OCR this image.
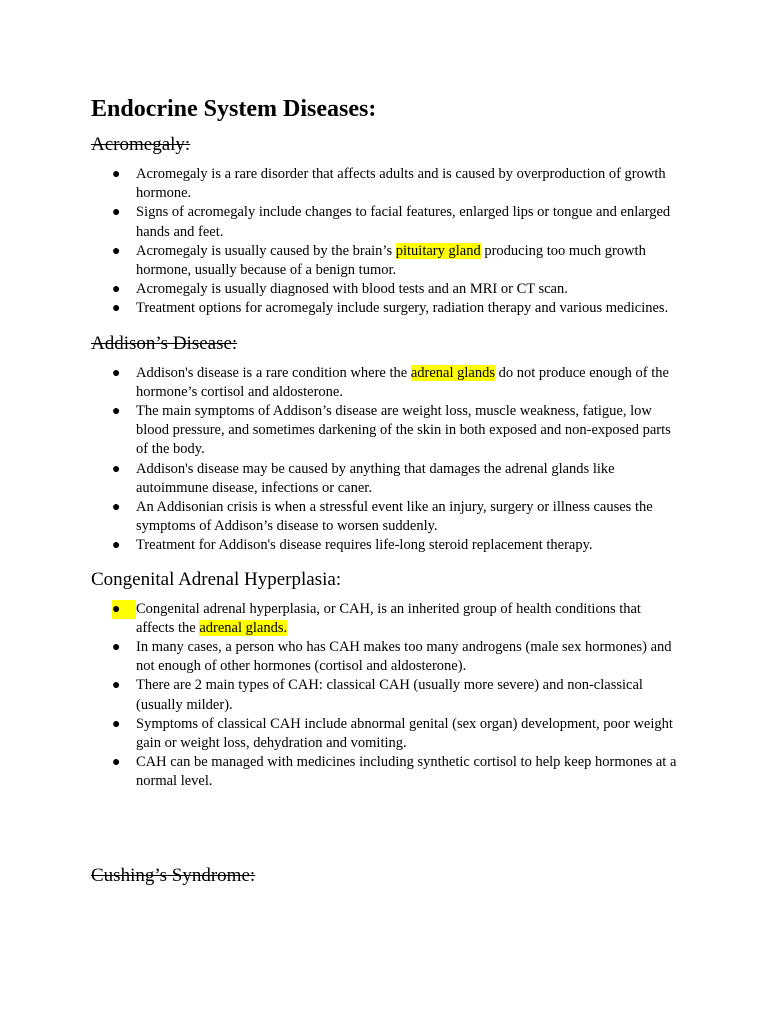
Endocrine System Diseases:
Acromegaly:
●	Acromegaly is a rare disorder that affects adults and is caused by overproduction of growth hormone.
●	Signs of acromegaly include changes to facial features, enlarged lips or tongue and enlarged hands and feet.
●	Acromegaly is usually caused by the brain’s pituitary gland producing too much growth hormone, usually because of a benign tumor.
●	Acromegaly is usually diagnosed with blood tests and an MRI or CT scan.
●	Treatment options for acromegaly include surgery, radiation therapy and various medicines.
Addison’s Disease:
●	Addison's disease is a rare condition where the adrenal glands do not produce enough of the hormone’s cortisol and aldosterone.
●	The main symptoms of Addison’s disease are weight loss, muscle weakness, fatigue, low blood pressure, and sometimes darkening of the skin in both exposed and non-exposed parts of the body.
●	Addison's disease may be caused by anything that damages the adrenal glands like autoimmune disease, infections or caner.
●	An Addisonian crisis is when a stressful event like an injury, surgery or illness causes the symptoms of Addison’s disease to worsen suddenly.
●	Treatment for Addison's disease requires life-long steroid replacement therapy.
Congenital Adrenal Hyperplasia:
●	Congenital adrenal hyperplasia, or CAH, is an inherited group of health conditions that affects the adrenal glands.
●	In many cases, a person who has CAH makes too many androgens (male sex hormones) and not enough of other hormones (cortisol and aldosterone).
●	There are 2 main types of CAH: classical CAH (usually more severe) and non-classical (usually milder).
●	Symptoms of classical CAH include abnormal genital (sex organ) development, poor weight gain or weight loss, dehydration and vomiting.
●	CAH can be managed with medicines including synthetic cortisol to help keep hormones at a normal level.
Cushing’s Syndrome:
